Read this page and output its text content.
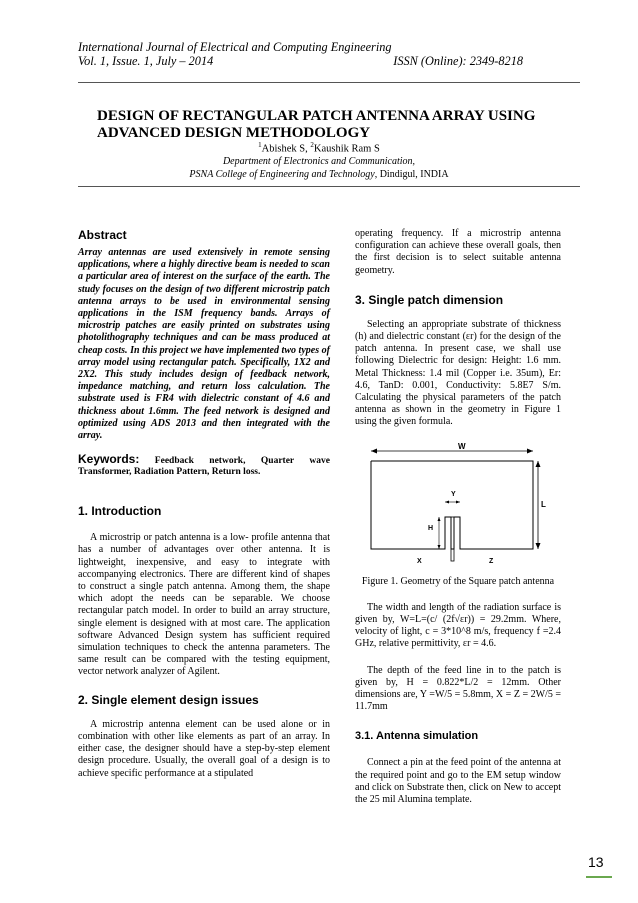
International Journal of Electrical and Computing Engineering
Vol. 1, Issue. 1, July – 2014	ISSN (Online): 2349-8218
DESIGN OF RECTANGULAR PATCH ANTENNA ARRAY USING ADVANCED DESIGN METHODOLOGY
$^1$Abishek S, $^2$Kaushik Ram S
Department of Electronics and Communication,
PSNA College of Engineering and Technology, Dindigul, INDIA
Abstract
Array antennas are used extensively in remote sensing applications, where a highly directive beam is needed to scan a particular area of interest on the surface of the earth. The study focuses on the design of two different microstrip patch antenna arrays to be used in environmental sensing applications in the ISM frequency bands. Arrays of microstrip patches are easily printed on substrates using photolithography techniques and can be mass produced at cheap costs. In this project we have implemented two types of array model using rectangular patch. Specifically, 1X2 and 2X2. This study includes design of feedback network, impedance matching, and return loss calculation. The substrate used is FR4 with dielectric constant of 4.6 and thickness about 1.6mm. The feed network is designed and optimized using ADS 2013 and then integrated with the array.
Keywords: Feedback network, Quarter wave Transformer, Radiation Pattern, Return loss.
1. Introduction

A microstrip or patch antenna is a low- profile antenna that has a number of advantages over other antenna. It is lightweight, inexpensive, and easy to integrate with accompanying electronics. There are different kind of shapes to construct a single patch antenna. Among them, the shape which adopt the needs can be separable. We choose rectangular patch model. In order to build an array structure, single element is designed with at most care. The application software Advanced Design system has sufficient required simulation techniques to check the antenna parameters. The same result can be compared with the testing equipment, vector network analyzer of Agilent.

2. Single element design issues

A microstrip antenna element can be used alone or in combination with other like elements as part of an array. In either case, the designer should have a step-by-step element design procedure. Usually, the overall goal of a design is to achieve specific performance at a stipulated

operating frequency. If a microstrip antenna configuration can achieve these overall goals, then the first decision is to select suitable antenna geometry.

3. Single patch dimension

Selecting an appropriate substrate of thickness (h) and dielectric constant (εr) for the design of the patch antenna. In present case, we shall use following Dielectric for design: Height: 1.6 mm. Metal Thickness: 1.4 mil (Copper i.e. 35um), Er: 4.6, TanD: 0.001, Conductivity: 5.8E7 S/m. Calculating the physical parameters of the patch antenna as shown in the geometry in Figure 1 using the given formula.

W
L
Y
H
X	Z
Figure 1. Geometry of the Square patch antenna

The width and length of the radiation surface is given by, W=L=(c/ (2f√εr)) = 29.2mm. Where, velocity of light, c = 3*10^8 m/s, frequency f =2.4 GHz, relative permittivity, εr = 4.6.

The depth of the feed line in to the patch is given by, H = 0.822*L/2 = 12mm. Other dimensions are, Y =W/5 = 5.8mm, X = Z = 2W/5 = 11.7mm

3.1. Antenna simulation

Connect a pin at the feed point of the antenna at the required point and go to the EM setup window and click on Substrate then, click on New to accept the 25 mil Alumina template.

13
